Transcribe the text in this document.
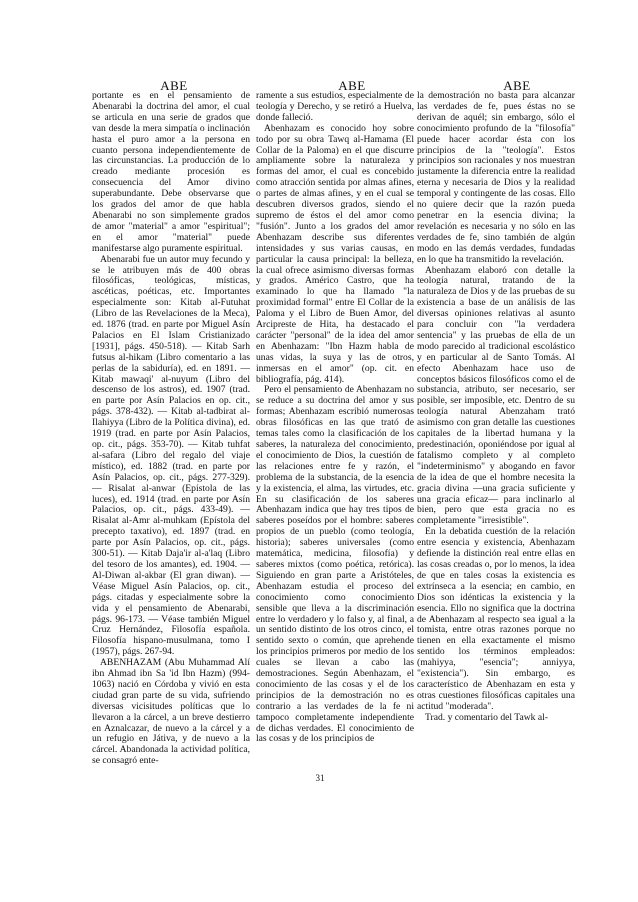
ABE	ABE	ABE

portante es en el pensamiento de Abenarabi la doctrina del amor, el cual se articula en una serie de grados que van desde la mera simpatía o inclinación hasta el puro amor a la persona en cuanto persona independientemente de las circunstancias. La producción de lo creado mediante procesión es consecuencia del Amor divino superabundante. Debe observarse que los grados del amor de que habla Abenarabi no son simplemente grados de amor "material" a amor "espiritual"; en el amor "material" puede manifestarse algo puramente espiritual.

Abenarabi fue un autor muy fecundo y se le atribuyen más de 400 obras filosóficas, teológicas, místicas, ascéticas, poéticas, etc. Importantes especialmente son: Kitab al-Futuhat (Libro de las Revelaciones de la Meca), ed. 1876 (trad. en parte por Miguel Asín Palacios en El Islam Cristianizado [1931], págs. 450-518). — Kitab Sarh futsus al-hikam (Libro comentario a las perlas de la sabiduría), ed. en 1891. — Kitab mawaqi' al-nuyum (Libro del descenso de los astros), ed. 1907 (trad. en parte por Asín Palacios en op. cit., págs. 378-432). — Kitab al-tadbirat al-Ilahiyya (Libro de la Política divina), ed. 1919 (trad. en parte por Asín Palacios, op. cit., págs. 353-70). — Kitab tuhfat al-safara (Libro del regalo del viaje místico), ed. 1882 (trad. en parte por Asín Palacios, op. cit., págs. 277-329). — Risalat al-anwar (Epístola de las luces), ed. 1914 (trad. en parte por Asín Palacios, op. cit., págs. 433-49). — Risalat al-Amr al-muhkam (Epístola del precepto taxativo), ed. 1897 (trad. en parte por Asín Palacios, op. cit., págs. 300-51). — Kitab Daja'ir al-a'laq (Libro del tesoro de los amantes), ed. 1904. — Al-Diwan al-akbar (El gran diwan). — Véase Miguel Asín Palacios, op. cit., págs. citadas y especialmente sobre la vida y el pensamiento de Abenarabi, págs. 96-173. — Véase también Miguel Cruz Hernández, Filosofía española. Filosofía hispano-musulmana, tomo I (1957), págs. 267-94.

ABENHAZAM (Abu Muhammad Alí ibn Ahmad ibn Sa 'id Ibn Hazm) (994-1063) nació en Córdoba y vivió en esta ciudad gran parte de su vida, sufriendo diversas vicisitudes políticas que lo llevaron a la cárcel, a un breve destierro en Aznalcazar, de nuevo a la cárcel y a un refugio en Játiva, y de nuevo a la cárcel. Abandonada la actividad política, se consagró ente-

ramente a sus estudios, especialmente de teología y Derecho, y se retiró a Huelva, donde falleció.

Abenhazam es conocido hoy sobre todo por su obra Tawq al-Hamama (El Collar de la Paloma) en el que discurre ampliamente sobre la naturaleza y formas del amor, el cual es concebido como atracción sentida por almas afines, o partes de almas afines, y en el cual se descubren diversos grados, siendo el supremo de éstos el del amor como "fusión". Junto a los grados del amor Abenhazam describe sus diferentes intensidades y sus varias causas, en particular la causa principal: la belleza, la cual ofrece asimismo diversas formas y grados. Américo Castro, que ha examinado lo que ha llamado "la proximidad formal" entre El Collar de la Paloma y el Libro de Buen Amor, del Arcipreste de Hita, ha destacado el carácter "personal" de la idea del amor en Abenhazam: "Ibn Hazm habla de unas vidas, la suya y las de otros, inmersas en el amor" (op. cit. en bibliografía, pág. 414).

Pero el pensamiento de Abenhazam no se reduce a su doctrina del amor y sus formas; Abenhazam escribió numerosas obras filosóficas en las que trató de temas tales como la clasificación de los saberes, la naturaleza del conocimiento, el conocimiento de Dios, la cuestión de las relaciones entre fe y razón, el problema de la substancia, de la esencia y la existencia, el alma, las virtudes, etc. En su clasificación de los saberes Abenhazam indica que hay tres tipos de saberes poseídos por el hombre: saberes propios de un pueblo (como teología, historia); saberes universales (como matemática, medicina, filosofía) y saberes mixtos (como poética, retórica). Siguiendo en gran parte a Aristóteles, Abenhazam estudia el proceso del conocimiento como conocimiento sensible que lleva a la discriminación entre lo verdadero y lo falso y, al final, a un sentido distinto de los otros cinco, el sentido sexto o común, que aprehende los principios primeros por medio de los cuales se llevan a cabo las demostraciones. Según Abenhazam, el conocimiento de las cosas y el de los principios de la demostración no es contrario a las verdades de la fe ni tampoco completamente independiente de dichas verdades. El conocimiento de las cosas y de los principios de

la demostración no basta para alcanzar las verdades de fe, pues éstas no se derivan de aquél; sin embargo, sólo el conocimiento profundo de la "filosofía" puede hacer acordar ésta con los principios de la "teología". Estos principios son racionales y nos muestran justamente la diferencia entre la realidad eterna y necesaria de Dios y la realidad temporal y contingente de las cosas. Ello no quiere decir que la razón pueda penetrar en la esencia divina; la revelación es necesaria y no sólo en las verdades de fe, sino también de algún modo en las demás verdades, fundadas en lo que ha transmitido la revelación.

Abenhazam elaboró con detalle la teología natural, tratando de la naturaleza de Dios y de las pruebas de su existencia a base de un análisis de las diversas opiniones relativas al asunto para concluir con "la verdadera sentencia" y las pruebas de ella de un modo parecido al tradicional escolástico y en particular al de Santo Tomás. Al efecto Abenhazam hace uso de conceptos básicos filosóficos como el de substancia, atributo, ser necesario, ser posible, ser imposible, etc. Dentro de su teología natural Abenzaham trató asimismo con gran detalle las cuestiones capitales de la libertad humana y la predestinación, oponiéndose por igual al fatalismo completo y al completo "indeterminismo" y abogando en favor de la idea de que el hombre necesita la gracia divina —una gracia suficiente y una gracia eficaz— para inclinarlo al bien, pero que esta gracia no es completamente "irresistible".

En la debatida cuestión de la relación entre esencia y existencia, Abenhazam defiende la distinción real entre ellas en las cosas creadas o, por lo menos, la idea de que en tales cosas la existencia es extrínseca a la esencia; en cambio, en Dios son idénticas la existencia y la esencia. Ello no significa que la doctrina de Abenhazam al respecto sea igual a la tomista, entre otras razones porque no tienen en ella exactamente el mismo sentido los términos empleados: (mahiyya, "esencia"; anniyya, "existencia"). Sin embargo, es característico de Abenhazam en esta y otras cuestiones filosóficas capitales una actitud "moderada".

Trad. y comentario del Tawk al-

31
